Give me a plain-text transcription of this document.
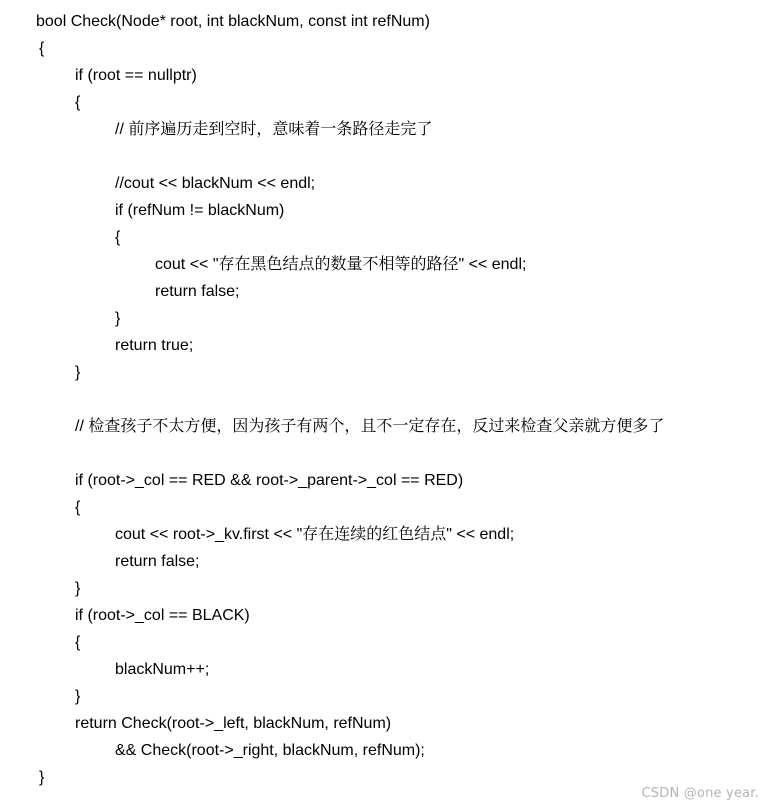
bool Check(Node* root, int blackNum, const int refNum)
{
if (root == nullptr)
{
// 前序遍历走到空时，意味着一条路径走完了
//cout << blackNum << endl;
if (refNum != blackNum)
{
cout << "存在黑色结点的数量不相等的路径" << endl;
return false;
}
return true;
}
// 检查孩子不太方便，因为孩子有两个，且不一定存在，反过来检查父亲就方便多了
if (root->_col == RED && root->_parent->_col == RED)
{
cout << root->_kv.first << "存在连续的红色结点" << endl;
return false;
}
if (root->_col == BLACK)
{
blackNum++;
}
return Check(root->_left, blackNum, refNum)
&& Check(root->_right, blackNum, refNum);
}
CSDN @one year.
